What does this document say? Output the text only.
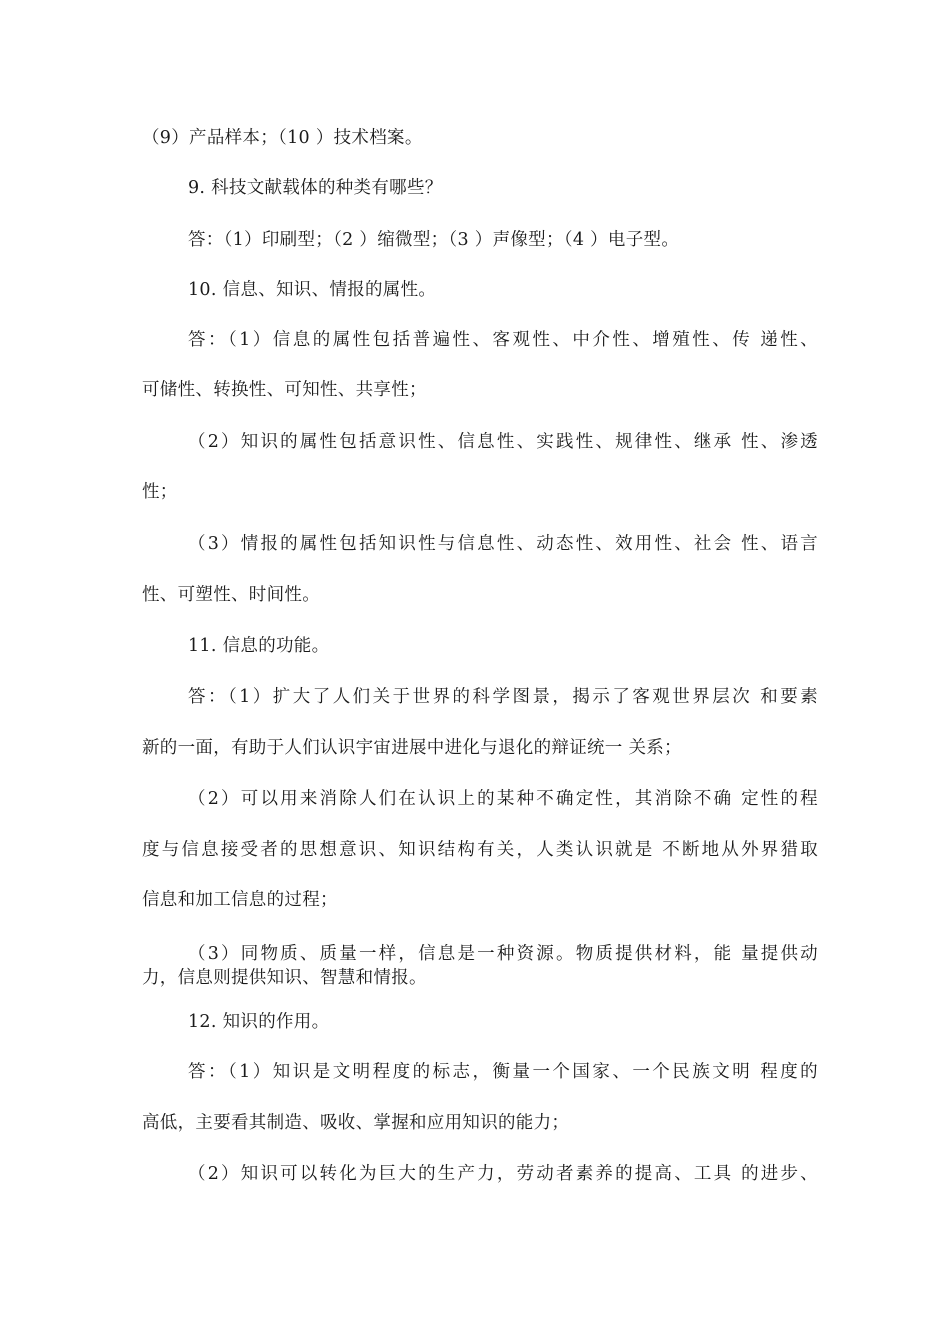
（9）产品样本；（10 ）技术档案。
9. 科技文献载体的种类有哪些？
答：（1）印刷型；（2 ）缩微型；（3 ）声像型；（4 ）电子型。
10. 信息、知识、情报的属性。
答：（1）信息的属性包括普遍性、客观性、中介性、增殖性、传 递性、
可储性、转换性、可知性、共享性；
（2）知识的属性包括意识性、信息性、实践性、规律性、继承 性、渗透
性；
（3）情报的属性包括知识性与信息性、动态性、效用性、社会 性、语言
性、可塑性、时间性。
11. 信息的功能。
答：（1）扩大了人们关于世界的科学图景，揭示了客观世界层次 和要素
新的一面，有助于人们认识宇宙进展中进化与退化的辩证统一 关系；
（2）可以用来消除人们在认识上的某种不确定性，其消除不确 定性的程
度与信息接受者的思想意识、知识结构有关，人类认识就是 不断地从外界猎取
信息和加工信息的过程；
（3）同物质、质量一样，信息是一种资源。物质提供材料，能 量提供动
力，信息则提供知识、智慧和情报。
12. 知识的作用。
答：（1）知识是文明程度的标志，衡量一个国家、一个民族文明 程度的
高低，主要看其制造、吸收、掌握和应用知识的能力；
（2）知识可以转化为巨大的生产力，劳动者素养的提高、工具 的进步、
